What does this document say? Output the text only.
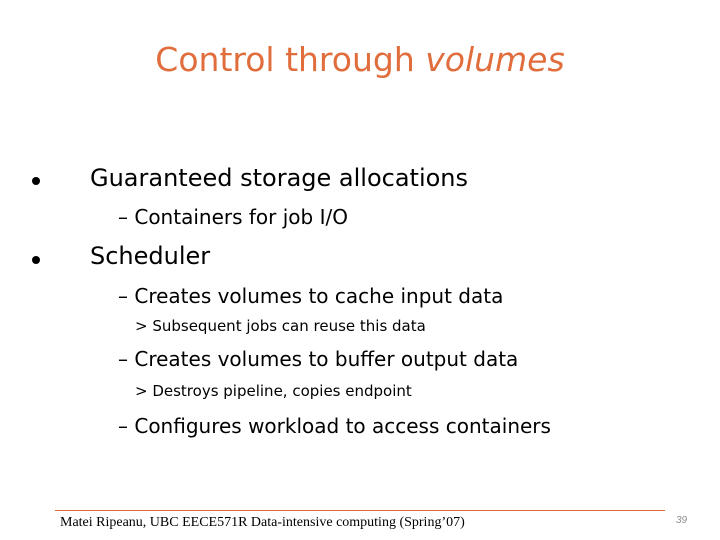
Control through volumes
Guaranteed storage allocations
– Containers for job I/O
Scheduler
– Creates volumes to cache input data
> Subsequent jobs can reuse this data
– Creates volumes to buffer output data
> Destroys pipeline, copies endpoint
– Configures workload to access containers
Matei Ripeanu, UBC EECE571R Data-intensive computing (Spring’07)	39
